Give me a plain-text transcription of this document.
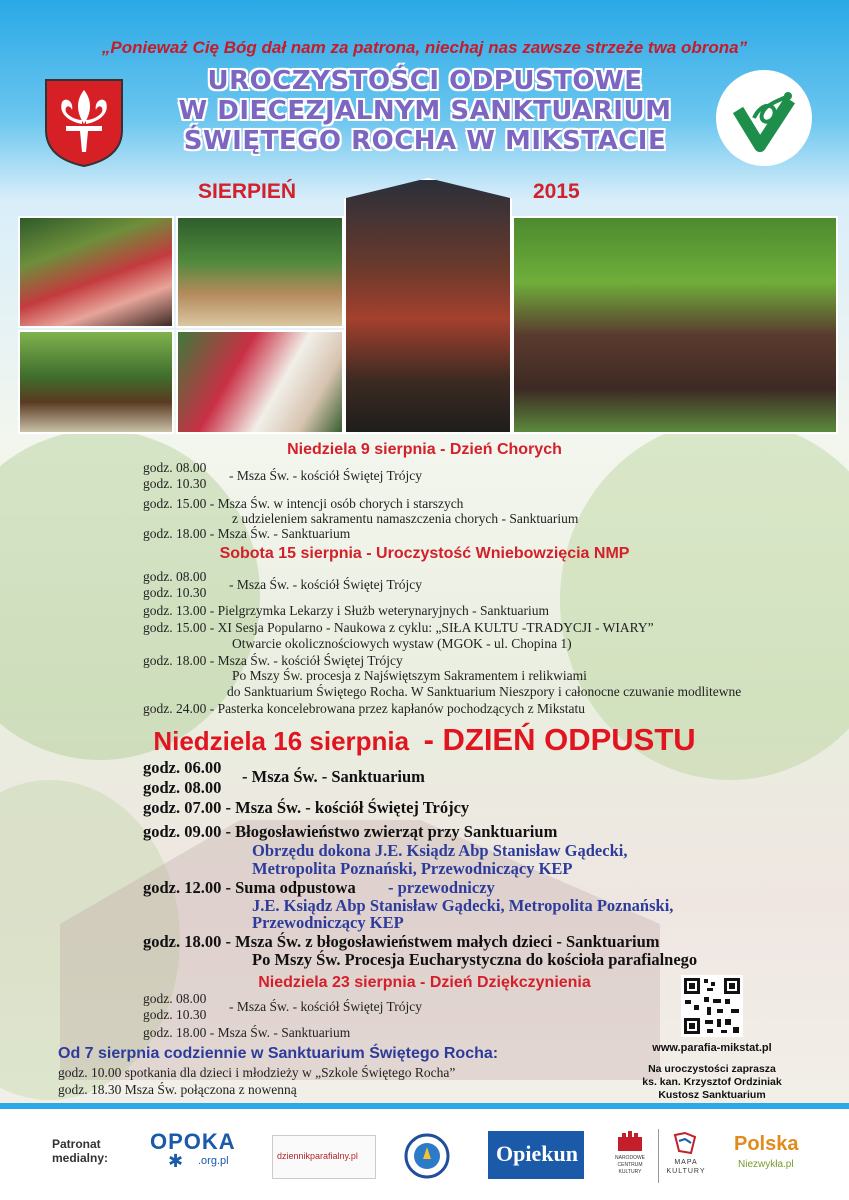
„Ponieważ Cię Bóg dał nam za patrona, niechaj nas zawsze strzeże twa obrona”
UROCZYSTOŚCI ODPUSTOWE
W DIECEZJALNYM SANKTUARIUM
ŚWIĘTEGO ROCHA W MIKSTACIE
SIERPIEŃ	2015
Niedziela 9 sierpnia - Dzień Chorych
godz. 08.00
godz. 10.30
- Msza Św. - kościół Świętej Trójcy
godz. 15.00 - Msza Św. w intencji osób chorych i starszych
z udzieleniem sakramentu namaszczenia chorych - Sanktuarium
godz. 18.00 - Msza Św. - Sanktuarium
Sobota 15 sierpnia - Uroczystość Wniebowzięcia NMP
godz. 08.00
godz. 10.30
- Msza Św. - kościół Świętej Trójcy
godz. 13.00 - Pielgrzymka Lekarzy i Służb weterynaryjnych - Sanktuarium
godz. 15.00 - XI Sesja Popularno - Naukowa z cyklu: „SIŁA KULTU -TRADYCJI - WIARY”
Otwarcie okolicznościowych wystaw (MGOK - ul. Chopina 1)
godz. 18.00 - Msza Św. - kościół Świętej Trójcy
Po Mszy Św. procesja z Najświętszym Sakramentem i relikwiami
do Sanktuarium Świętego Rocha. W Sanktuarium Nieszpory i całonocne czuwanie modlitewne
godz. 24.00 - Pasterka koncelebrowana przez kapłanów pochodzących z Mikstatu
Niedziela 16 sierpnia - DZIEŃ ODPUSTU
godz. 06.00
godz. 08.00
- Msza Św. - Sanktuarium
godz. 07.00 - Msza Św. - kościół Świętej Trójcy
godz. 09.00 - Błogosławieństwo zwierząt przy Sanktuarium
Obrzędu dokona J.E. Ksiądz Abp Stanisław Gądecki,
Metropolita Poznański, Przewodniczący KEP
godz. 12.00 - Suma odpustowa - przewodniczy
J.E. Ksiądz Abp Stanisław Gądecki, Metropolita Poznański,
Przewodniczący KEP
godz. 18.00 - Msza Św. z błogosławieństwem małych dzieci - Sanktuarium
Po Mszy Św. Procesja Eucharystyczna do kościoła parafialnego
Niedziela 23 sierpnia - Dzień Dziękczynienia
godz. 08.00
godz. 10.30
- Msza Św. - kościół Świętej Trójcy
godz. 18.00 - Msza Św. - Sanktuarium
Od 7 sierpnia codziennie w Sanktuarium Świętego Rocha:
godz. 10.00 spotkania dla dzieci i młodzieży w „Szkole Świętego Rocha”
godz. 18.30 Msza Św. połączona z nowenną
www.parafia-mikstat.pl
Na uroczystości zaprasza
ks. kan. Krzysztof Ordziniak
Kustosz Sanktuarium
Patronat
medialny:
OPOKA
.org.pl
✱	dziennikparafialny.pl	Opiekun	NARODOWE
CENTRUM
KULTURY
MAPA
KULTURY
Polska
Niezwykła.pl
